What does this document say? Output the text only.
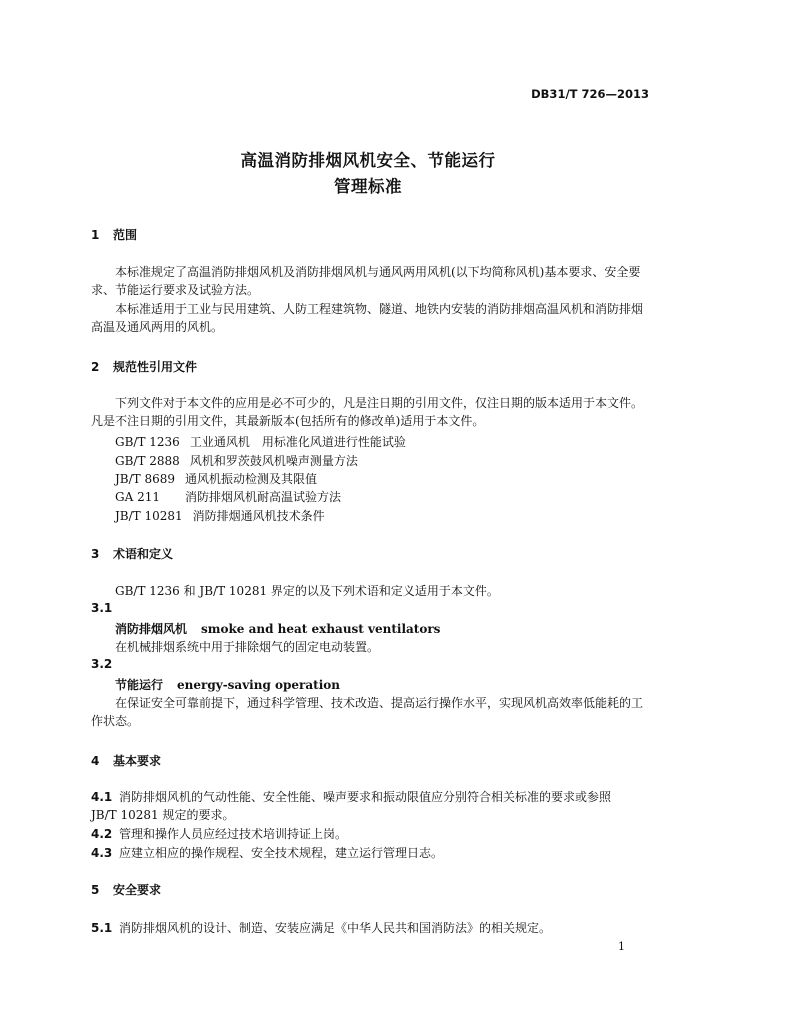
DB31/T 726—2013
高温消防排烟风机安全、节能运行
管理标准
1 范围

本标准规定了高温消防排烟风机及消防排烟风机与通风两用风机(以下均简称风机)基本要求、安全要求、节能运行要求及试验方法。

本标准适用于工业与民用建筑、人防工程建筑物、隧道、地铁内安装的消防排烟高温风机和消防排烟高温及通风两用的风机。

2 规范性引用文件

下列文件对于本文件的应用是必不可少的，凡是注日期的引用文件，仅注日期的版本适用于本文件。凡是不注日期的引用文件，其最新版本(包括所有的修改单)适用于本文件。

GB/T 1236 工业通风机　用标准化风道进行性能试验
GB/T 2888 风机和罗茨鼓风机噪声测量方法
JB/T 8689 通风机振动检测及其限值
GA 211 消防排烟风机耐高温试验方法
JB/T 10281 消防排烟通风机技术条件
3 术语和定义
GB/T 1236 和 JB/T 10281 界定的以及下列术语和定义适用于本文件。
3.1
消防排烟风机 smoke and heat exhaust ventilators
在机械排烟系统中用于排除烟气的固定电动装置。
3.2
节能运行 energy-saving operation

在保证安全可靠前提下，通过科学管理、技术改造、提高运行操作水平，实现风机高效率低能耗的工作状态。

4 基本要求
4.1 消防排烟风机的气动性能、安全性能、噪声要求和振动限值应分别符合相关标准的要求或参照
JB/T 10281 规定的要求。
4.2 管理和操作人员应经过技术培训持证上岗。
4.3 应建立相应的操作规程、安全技术规程，建立运行管理日志。
5 安全要求
5.1 消防排烟风机的设计、制造、安装应满足《中华人民共和国消防法》的相关规定。
1
